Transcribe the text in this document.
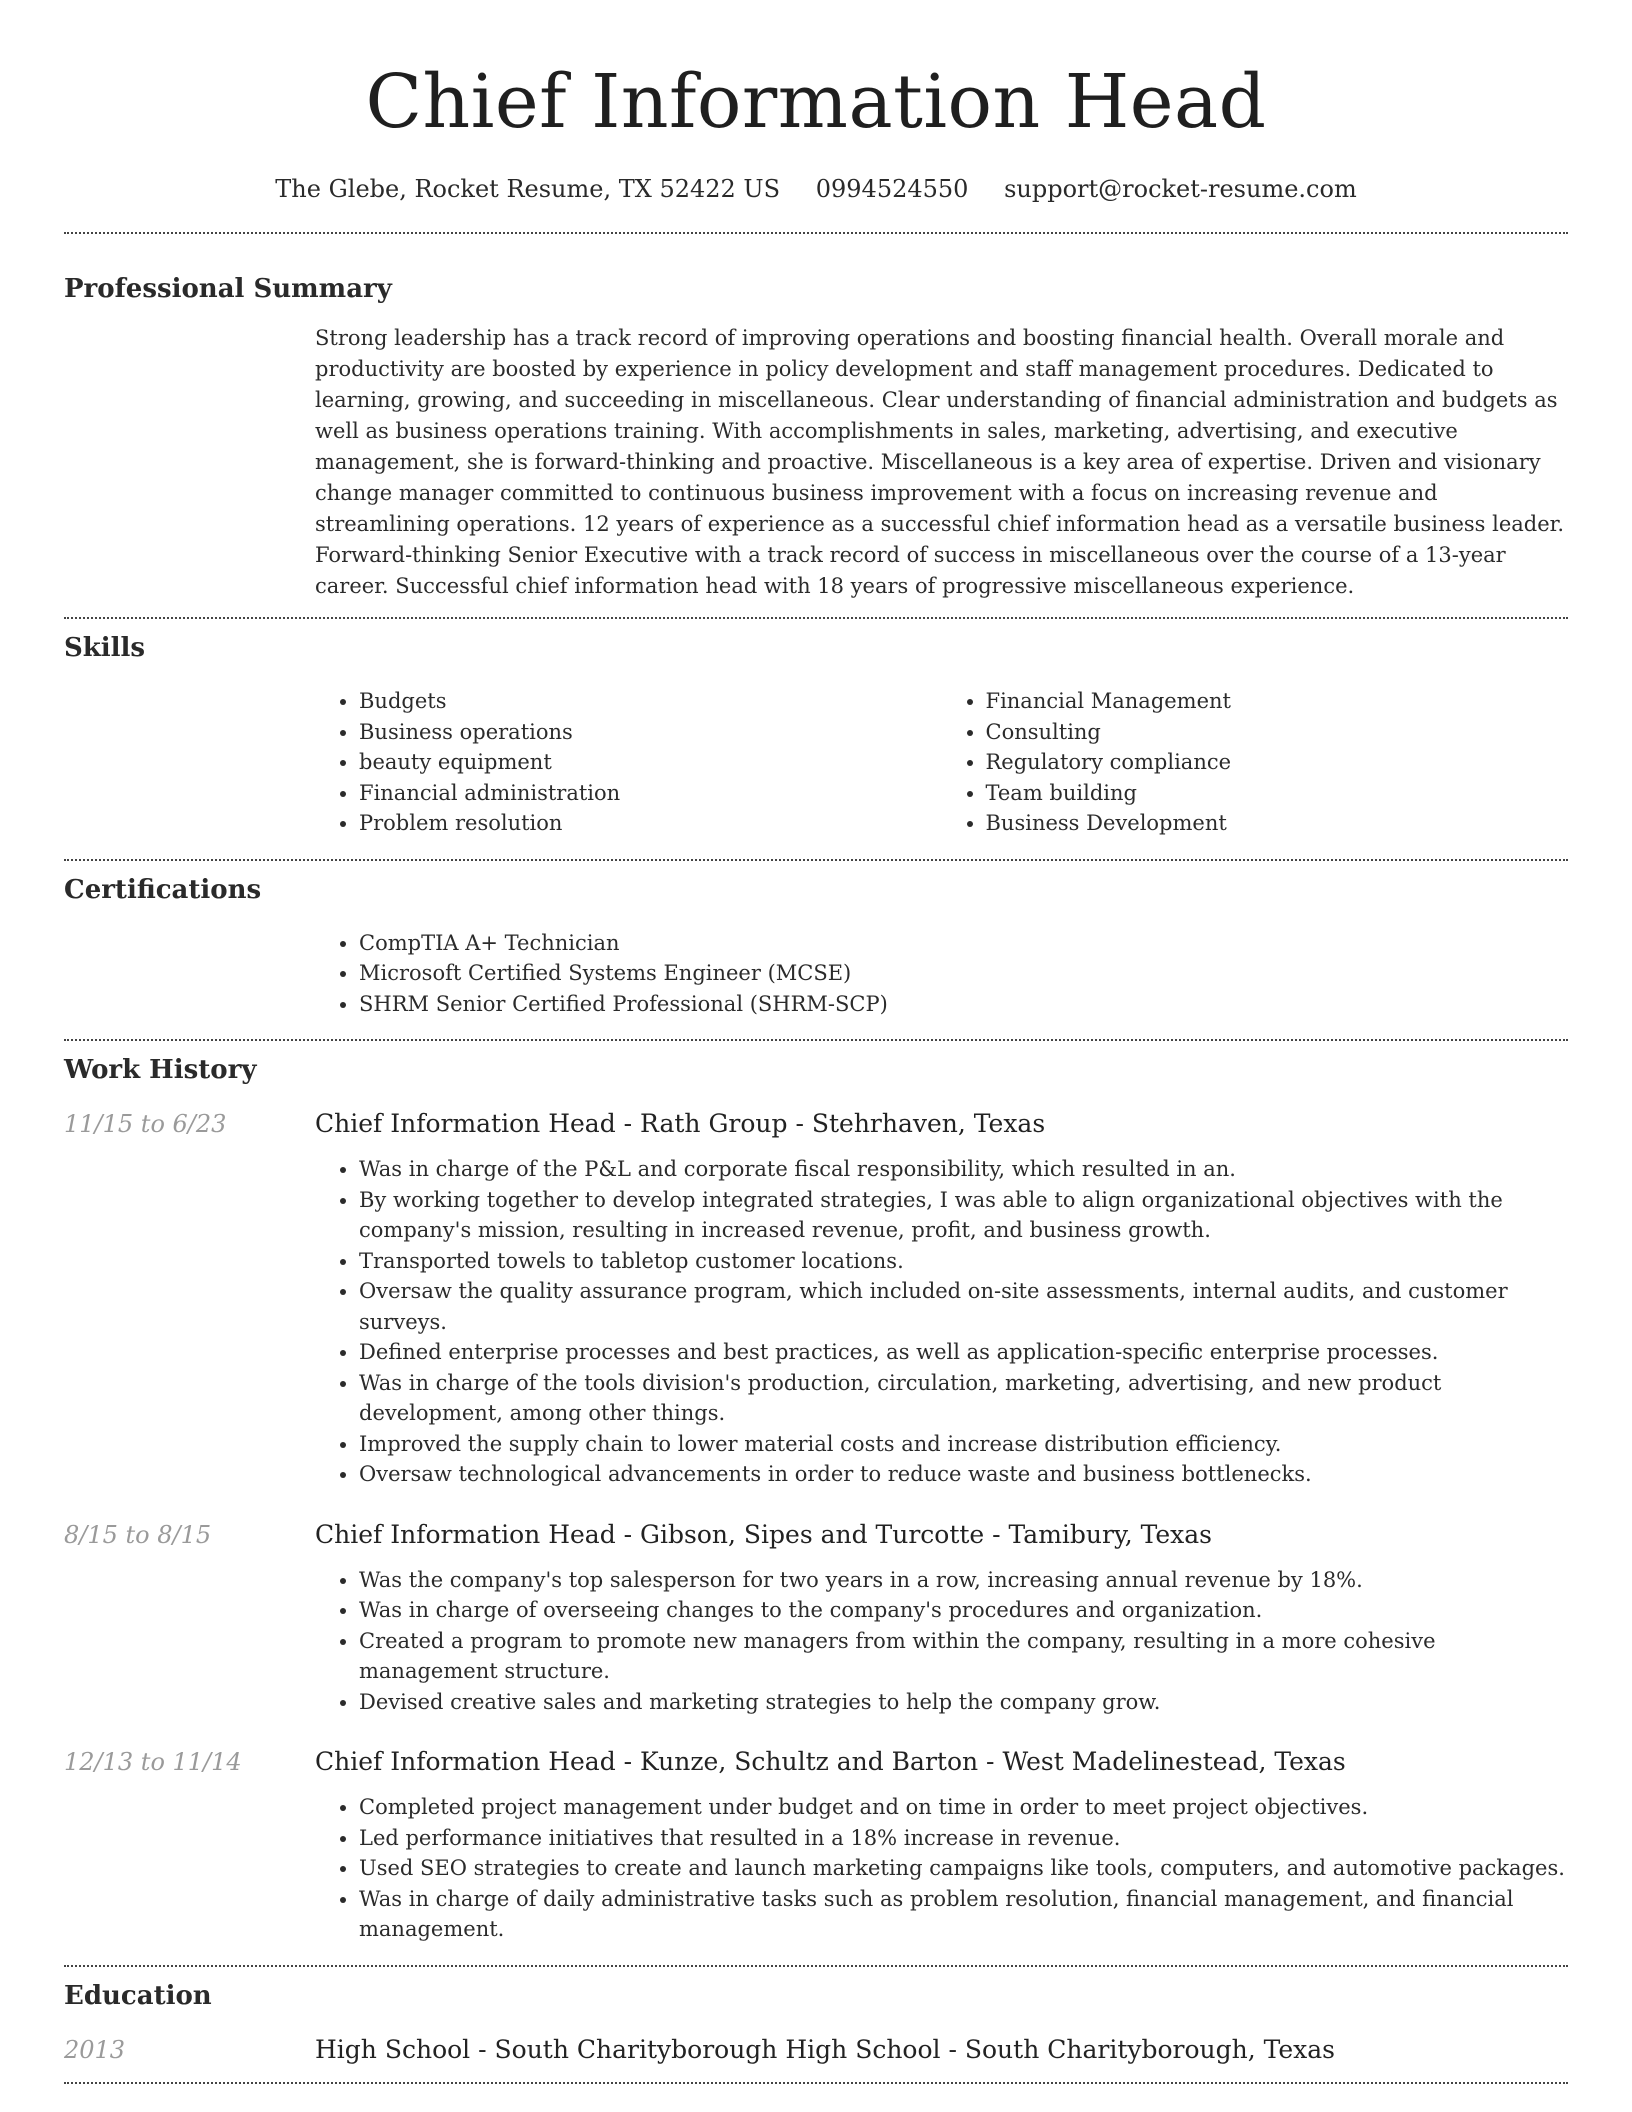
Chief Information Head
The Glebe, Rocket Resume, TX 52422 US 0994524550 support@rocket-resume.com
Professional Summary

Strong leadership has a track record of improving operations and boosting financial health. Overall morale and productivity are boosted by experience in policy development and staff management procedures. Dedicated to learning, growing, and succeeding in miscellaneous. Clear understanding of financial administration and budgets as well as business operations training. With accomplishments in sales, marketing, advertising, and executive management, she is forward-thinking and proactive. Miscellaneous is a key area of expertise. Driven and visionary change manager committed to continuous business improvement with a focus on increasing revenue and streamlining operations. 12 years of experience as a successful chief information head as a versatile business leader. Forward-thinking Senior Executive with a track record of success in miscellaneous over the course of a 13-year career. Successful chief information head with 18 years of progressive miscellaneous experience.

Skills
• Budgets
• Business operations
• beauty equipment
• Financial administration
• Problem resolution
• Financial Management
• Consulting
• Regulatory compliance
• Team building
• Business Development
Certifications
• CompTIA A+ Technician
• Microsoft Certified Systems Engineer (MCSE)
• SHRM Senior Certified Professional (SHRM-SCP)
Work History
11/15 to 6/23	Chief Information Head - Rath Group - Stehrhaven, Texas
• Was in charge of the P&L and corporate fiscal responsibility, which resulted in an.
• By working together to develop integrated strategies, I was able to align organizational objectives with the company's mission, resulting in increased revenue, profit, and business growth.
• Transported towels to tabletop customer locations.
• Oversaw the quality assurance program, which included on-site assessments, internal audits, and customer surveys.
• Defined enterprise processes and best practices, as well as application-specific enterprise processes.
• Was in charge of the tools division's production, circulation, marketing, advertising, and new product development, among other things.
• Improved the supply chain to lower material costs and increase distribution efficiency.
• Oversaw technological advancements in order to reduce waste and business bottlenecks.
8/15 to 8/15	Chief Information Head - Gibson, Sipes and Turcotte - Tamibury, Texas
• Was the company's top salesperson for two years in a row, increasing annual revenue by 18%.
• Was in charge of overseeing changes to the company's procedures and organization.
• Created a program to promote new managers from within the company, resulting in a more cohesive management structure.
• Devised creative sales and marketing strategies to help the company grow.
12/13 to 11/14	Chief Information Head - Kunze, Schultz and Barton - West Madelinestead, Texas
• Completed project management under budget and on time in order to meet project objectives.
• Led performance initiatives that resulted in a 18% increase in revenue.
• Used SEO strategies to create and launch marketing campaigns like tools, computers, and automotive packages.
• Was in charge of daily administrative tasks such as problem resolution, financial management, and financial management.
Education
2013	High School - South Charityborough High School - South Charityborough, Texas
